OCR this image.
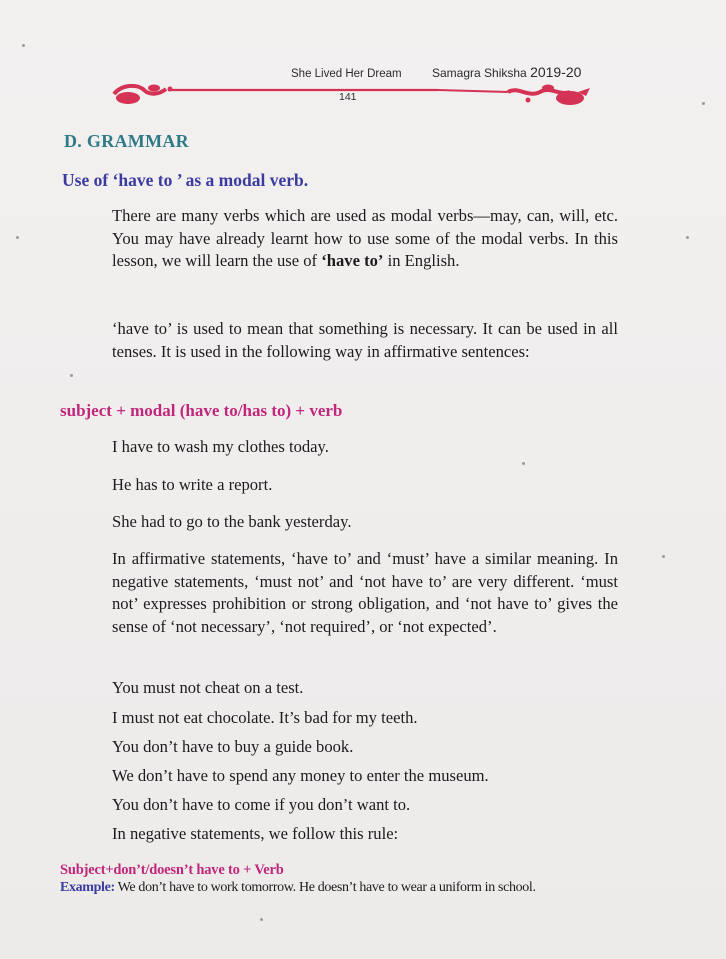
She Lived Her Dream	Samagra Shiksha 2019-20
141
D. GRAMMAR
Use of ‘have to ’ as a modal verb.
There are many verbs which are used as modal verbs—may, can, will, etc. You may have already learnt how to use some of the modal verbs. In this lesson, we will learn the use of ‘have to’ in English.
‘have to’ is used to mean that something is necessary. It can be used in all tenses. It is used in the following way in affirmative sentences:
subject + modal (have to/has to) + verb
I have to wash my clothes today.
He has to write a report.
She had to go to the bank yesterday.
In affirmative statements, ‘have to’ and ‘must’ have a similar meaning. In negative statements, ‘must not’ and ‘not have to’ are very different. ‘must not’ expresses prohibition or strong obligation, and ‘not have to’ gives the sense of ‘not necessary’, ‘not required’, or ‘not expected’.
You must not cheat on a test.
I must not eat chocolate. It’s bad for my teeth.
You don’t have to buy a guide book.
We don’t have to spend any money to enter the museum.
You don’t have to come if you don’t want to.
In negative statements, we follow this rule:
Subject+don’t/doesn’t have to + Verb
Example: We don’t have to work tomorrow. He doesn’t have to wear a uniform in school.
